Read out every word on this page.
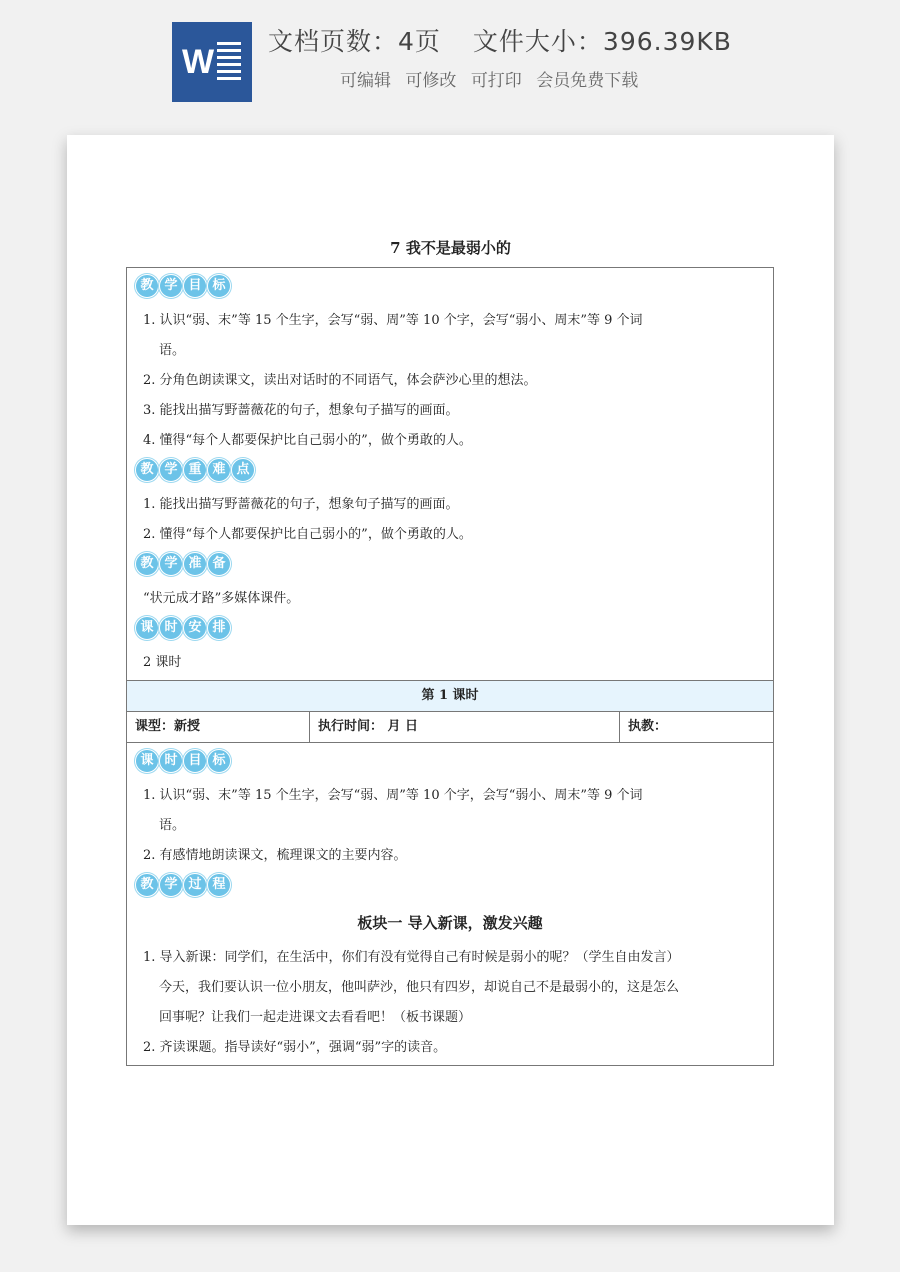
W
文档页数：4页 文件大小：396.39KB
可编辑 可修改 可打印 会员免费下载
7 我不是最弱小的
教 学 目 标

1. 认识“弱、末”等 15 个生字，会写“弱、周”等 10 个字，会写“弱小、周末”等 9 个词

语。

2. 分角色朗读课文，读出对话时的不同语气，体会萨沙心里的想法。

3. 能找出描写野蔷薇花的句子，想象句子描写的画面。

4. 懂得“每个人都要保护比自己弱小的”，做个勇敢的人。

教 学 重 难 点

1. 能找出描写野蔷薇花的句子，想象句子描写的画面。

2. 懂得“每个人都要保护比自己弱小的”，做个勇敢的人。

教 学 准 备

“状元成才路”多媒体课件。

课 时 安 排

2 课时

第 1 课时
课型：新授	执行时间： 月 日	执教：
课 时 目 标

1. 认识“弱、末”等 15 个生字，会写“弱、周”等 10 个字，会写“弱小、周末”等 9 个词

语。

2. 有感情地朗读课文，梳理课文的主要内容。

教 学 过 程
板块一 导入新课，激发兴趣

1. 导入新课：同学们，在生活中，你们有没有觉得自己有时候是弱小的呢？（学生自由发言）

今天，我们要认识一位小朋友，他叫萨沙，他只有四岁，却说自己不是最弱小的，这是怎么

回事呢？让我们一起走进课文去看看吧！（板书课题）

2. 齐读课题。指导读好“弱小”，强调“弱”字的读音。
